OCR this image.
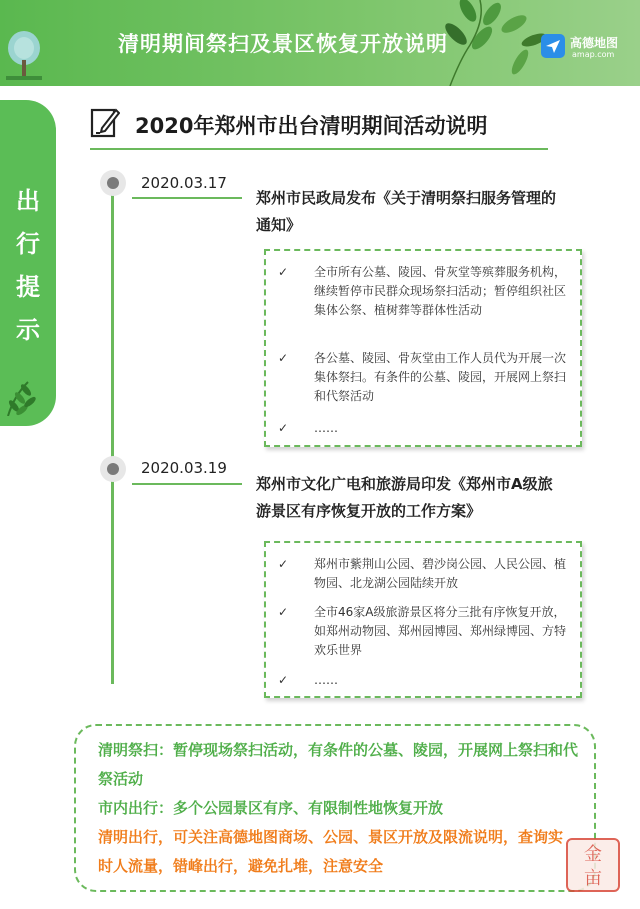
清明期间祭扫及景区恢复开放说明	高德地图
amap.com
出行提示
2020年郑州市出台清明期间活动说明
2020.03.17
郑州市民政局发布《关于清明祭扫服务管理的通知》
✓	全市所有公墓、陵园、骨灰堂等殡葬服务机构，继续暂停市民群众现场祭扫活动；暂停组织社区集体公祭、植树葬等群体性活动
✓	各公墓、陵园、骨灰堂由工作人员代为开展一次集体祭扫。有条件的公墓、陵园，开展网上祭扫和代祭活动
✓	……
2020.03.19
郑州市文化广电和旅游局印发《郑州市A级旅游景区有序恢复开放的工作方案》
✓	郑州市紫荆山公园、碧沙岗公园、人民公园、植物园、北龙湖公园陆续开放
✓	全市46家A级旅游景区将分三批有序恢复开放，如郑州动物园、郑州园博园、郑州绿博园、方特欢乐世界
✓	……
清明祭扫：暂停现场祭扫活动，有条件的公墓、陵园，开展网上祭扫和代祭活动
市内出行：多个公园景区有序、有限制性地恢复开放
清明出行，可关注高德地图商场、公园、景区开放及限流说明，查询实时人流量，错峰出行，避免扎堆，注意安全
金
亩
